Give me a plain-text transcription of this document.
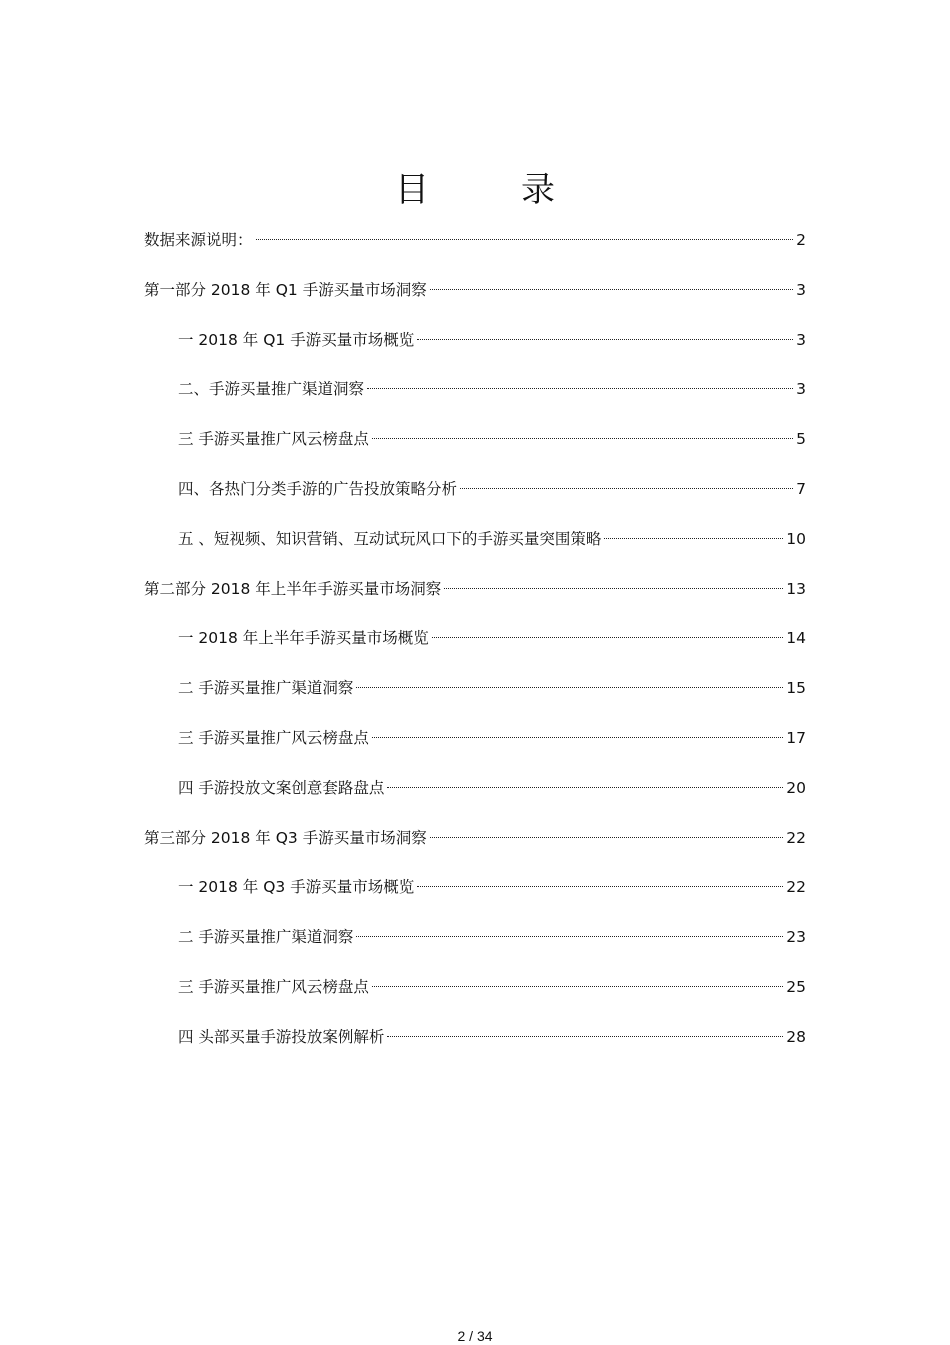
目	录
数据来源说明：	2
第一部分 2018 年 Q1 手游买量市场洞察	3
一 2018 年 Q1 手游买量市场概览	3
二、手游买量推广渠道洞察	3
三 手游买量推广风云榜盘点	5
四、各热门分类手游的广告投放策略分析	7
五 、短视频、知识营销、互动试玩风口下的手游买量突围策略	10
第二部分 2018 年上半年手游买量市场洞察	13
一 2018 年上半年手游买量市场概览	14
二 手游买量推广渠道洞察	15
三 手游买量推广风云榜盘点	17
四 手游投放文案创意套路盘点	20
第三部分 2018 年 Q3 手游买量市场洞察	22
一 2018 年 Q3 手游买量市场概览	22
二 手游买量推广渠道洞察	23
三 手游买量推广风云榜盘点	25
四 头部买量手游投放案例解析	28
2 / 34
